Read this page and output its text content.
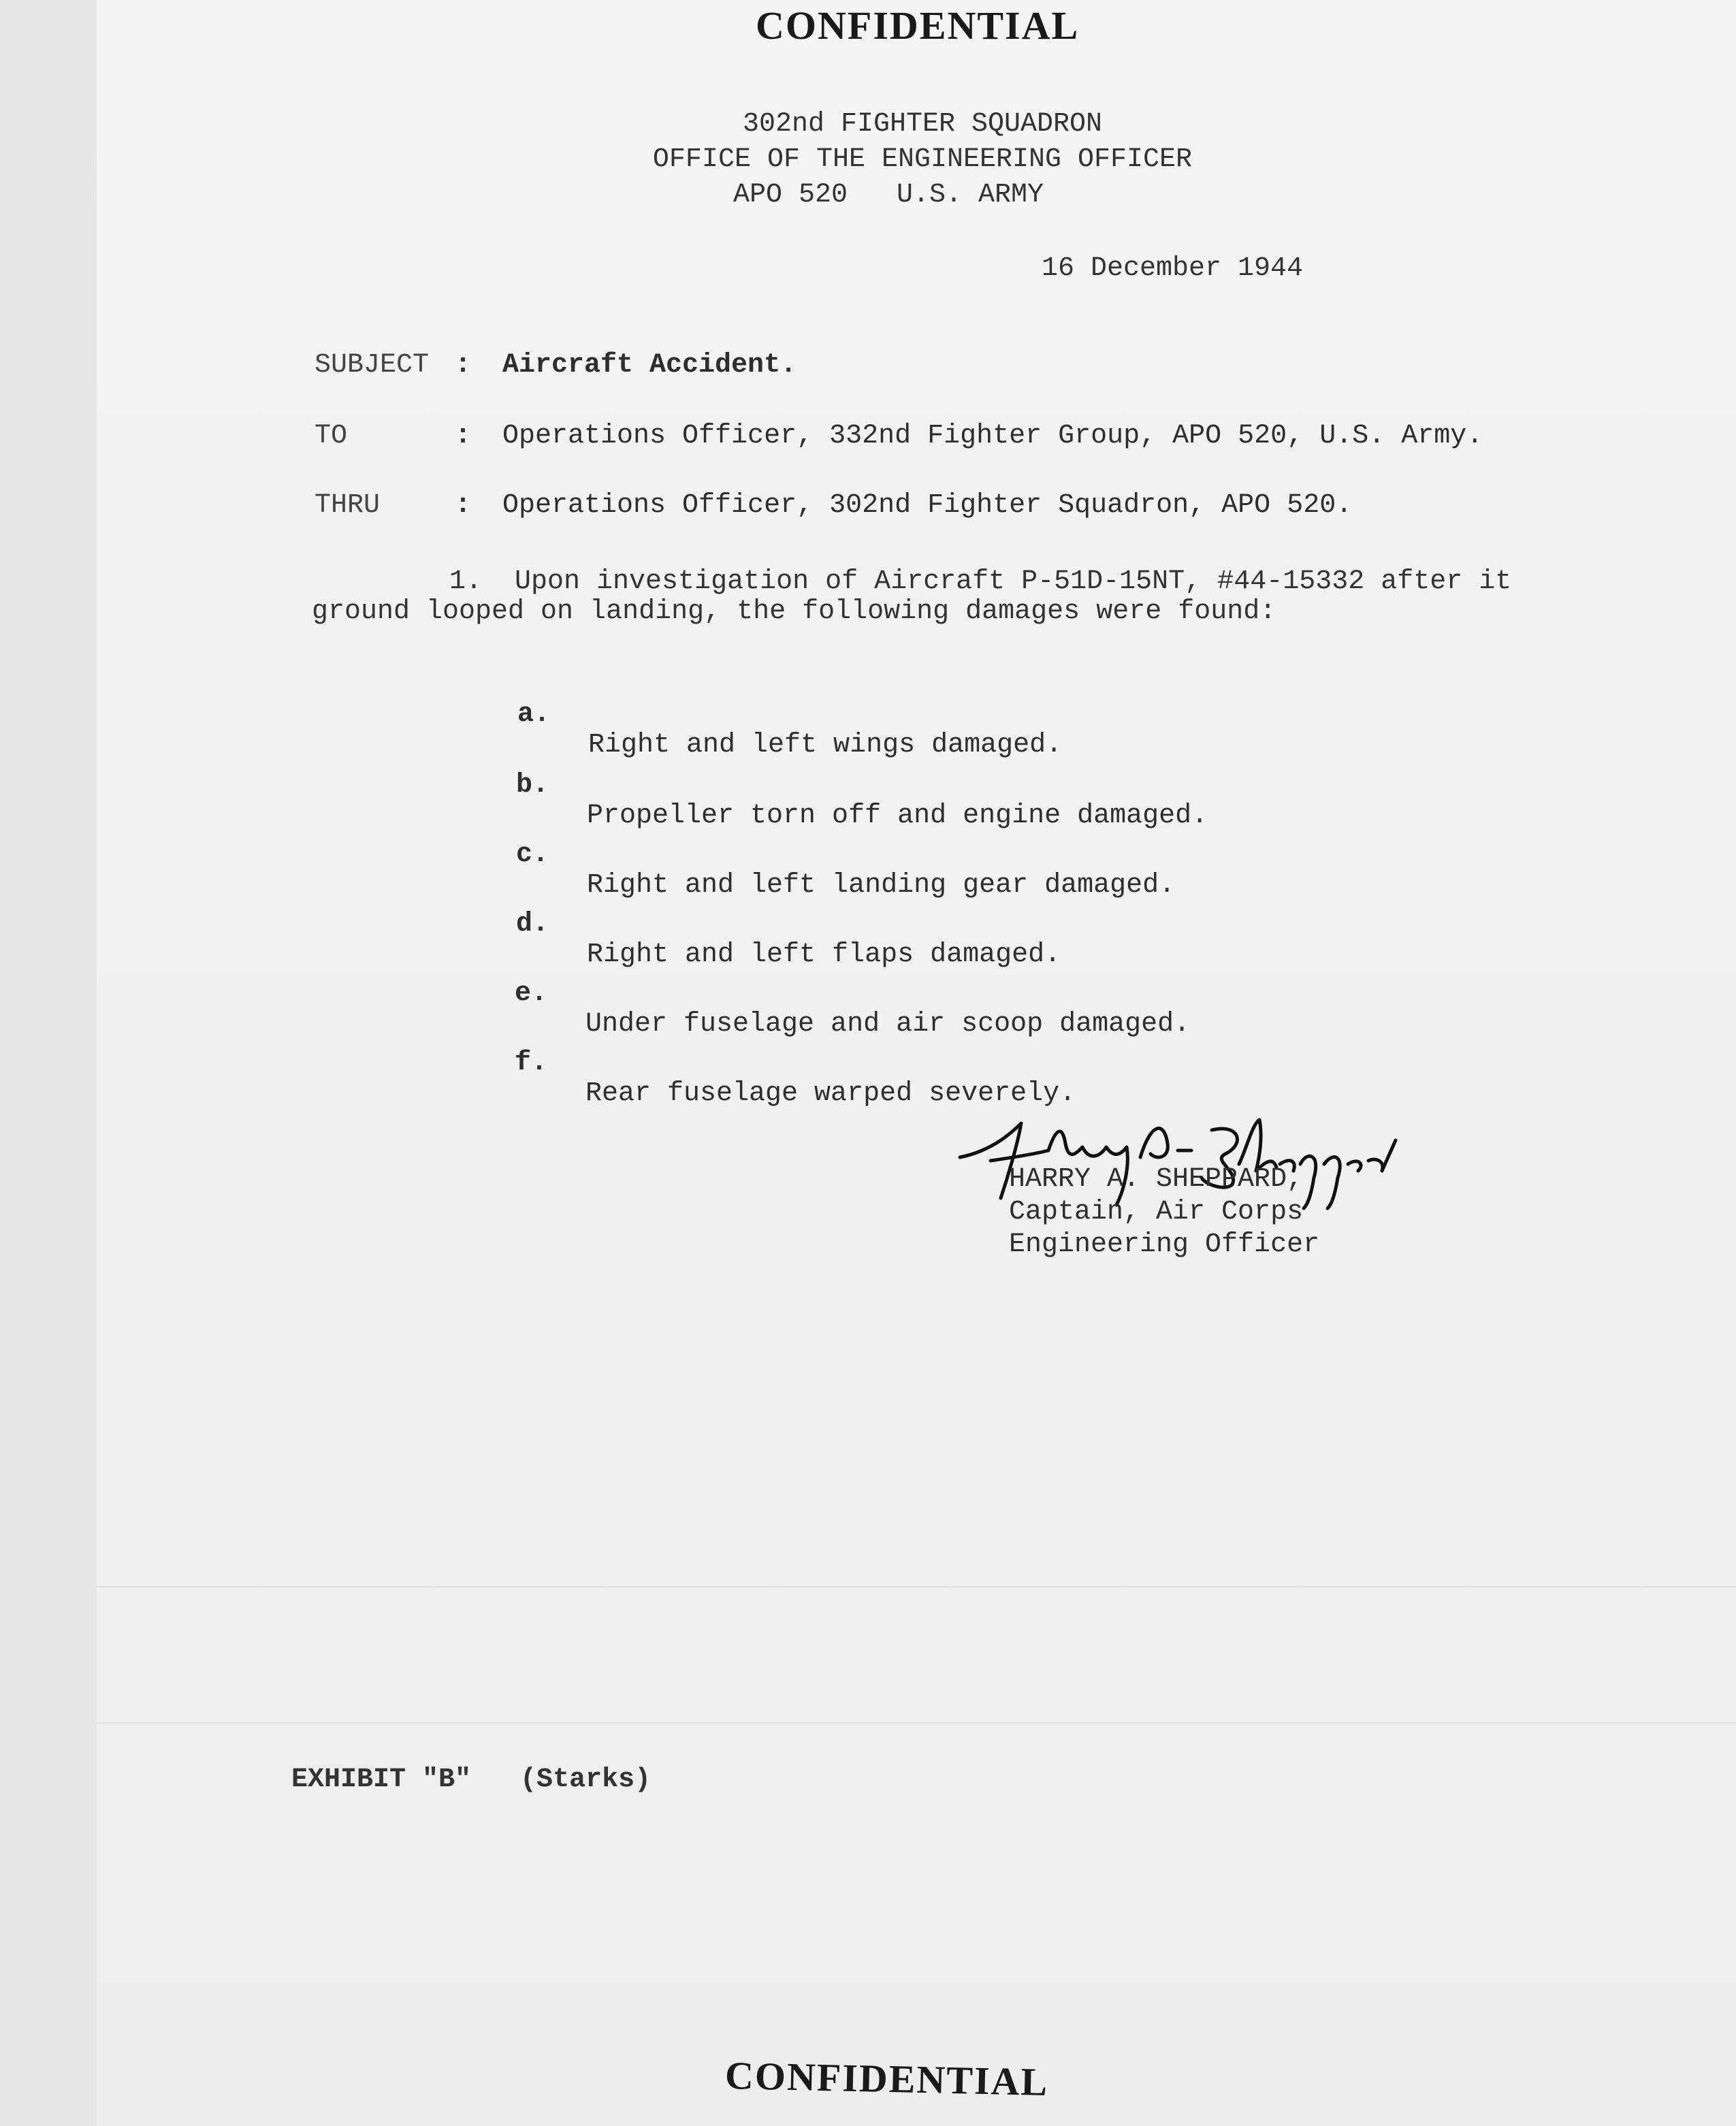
CONFIDENTIAL
302nd FIGHTER SQUADRON
OFFICE OF THE ENGINEERING OFFICER
APO 520   U.S. ARMY
16 December 1944
SUBJECT : Aircraft Accident.
TO	: Operations Officer, 332nd Fighter Group, APO 520, U.S. Army.
THRU	: Operations Officer, 302nd Fighter Squadron, APO 520.
1.  Upon investigation of Aircraft P-51D-15NT, #44-15332 after it
ground looped on landing, the following damages were found:

a.

Right and left wings damaged.

b.

Propeller torn off and engine damaged.

c.

Right and left landing gear damaged.

d.

Right and left flaps damaged.

e.

Under fuselage and air scoop damaged.

f.

Rear fuselage warped severely.

HARRY A. SHEPPARD,
Captain, Air Corps
Engineering Officer
EXHIBIT "B"   (Starks)
CONFIDENTIAL
